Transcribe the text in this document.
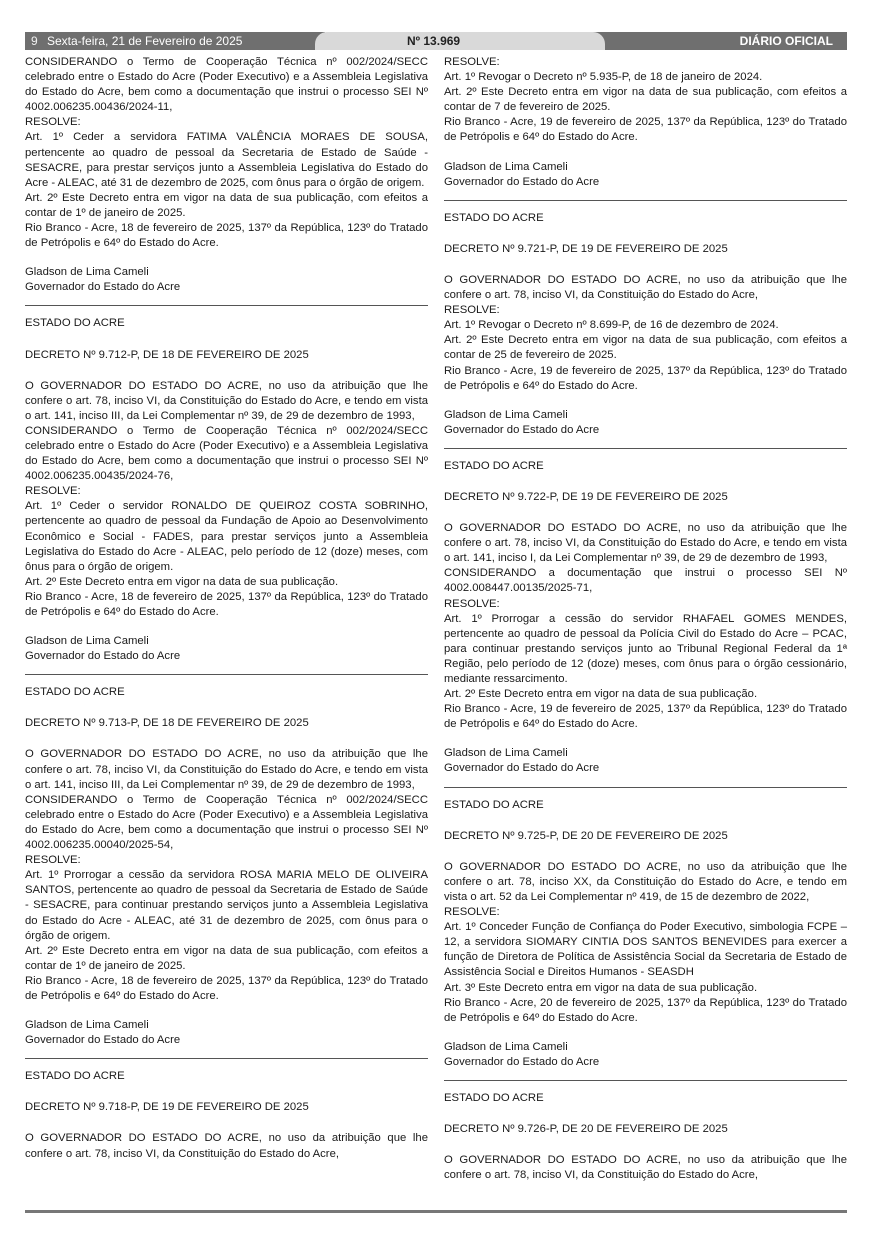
9 Sexta-feira, 21 de Fevereiro de 2025	Nº 13.969	DIÁRIO OFICIAL

CONSIDERANDO o Termo de Cooperação Técnica nº 002/2024/SECC celebrado entre o Estado do Acre (Poder Executivo) e a Assembleia Legislativa do Estado do Acre, bem como a documentação que instrui o processo SEI Nº 4002.006235.00436/2024-11,

RESOLVE:

Art. 1º Ceder a servidora FATIMA VALÊNCIA MORAES DE SOUSA, pertencente ao quadro de pessoal da Secretaria de Estado de Saúde - SESACRE, para prestar serviços junto a Assembleia Legislativa do Estado do Acre - ALEAC, até 31 de dezembro de 2025, com ônus para o órgão de origem.

Art. 2º Este Decreto entra em vigor na data de sua publicação, com efeitos a contar de 1º de janeiro de 2025.

Rio Branco - Acre, 18 de fevereiro de 2025, 137º da República, 123º do Tratado de Petrópolis e 64º do Estado do Acre.

Gladson de Lima Cameli

Governador do Estado do Acre

ESTADO DO ACRE

DECRETO Nº 9.712-P, DE 18 DE FEVEREIRO DE 2025

O GOVERNADOR DO ESTADO DO ACRE, no uso da atribuição que lhe confere o art. 78, inciso VI, da Constituição do Estado do Acre, e tendo em vista o art. 141, inciso III, da Lei Complementar nº 39, de 29 de dezembro de 1993,

CONSIDERANDO o Termo de Cooperação Técnica nº 002/2024/SECC celebrado entre o Estado do Acre (Poder Executivo) e a Assembleia Legislativa do Estado do Acre, bem como a documentação que instrui o processo SEI Nº 4002.006235.00435/2024-76,

RESOLVE:

Art. 1º Ceder o servidor RONALDO DE QUEIROZ COSTA SOBRINHO, pertencente ao quadro de pessoal da Fundação de Apoio ao Desenvolvimento Econômico e Social - FADES, para prestar serviços junto a Assembleia Legislativa do Estado do Acre - ALEAC, pelo período de 12 (doze) meses, com ônus para o órgão de origem.

Art. 2º Este Decreto entra em vigor na data de sua publicação.

Rio Branco - Acre, 18 de fevereiro de 2025, 137º da República, 123º do Tratado de Petrópolis e 64º do Estado do Acre.

Gladson de Lima Cameli

Governador do Estado do Acre

ESTADO DO ACRE

DECRETO Nº 9.713-P, DE 18 DE FEVEREIRO DE 2025

O GOVERNADOR DO ESTADO DO ACRE, no uso da atribuição que lhe confere o art. 78, inciso VI, da Constituição do Estado do Acre, e tendo em vista o art. 141, inciso III, da Lei Complementar nº 39, de 29 de dezembro de 1993,

CONSIDERANDO o Termo de Cooperação Técnica nº 002/2024/SECC celebrado entre o Estado do Acre (Poder Executivo) e a Assembleia Legislativa do Estado do Acre, bem como a documentação que instrui o processo SEI Nº 4002.006235.00040/2025-54,

RESOLVE:

Art. 1º Prorrogar a cessão da servidora ROSA MARIA MELO DE OLIVEIRA SANTOS, pertencente ao quadro de pessoal da Secretaria de Estado de Saúde - SESACRE, para continuar prestando serviços junto a Assembleia Legislativa do Estado do Acre - ALEAC, até 31 de dezembro de 2025, com ônus para o órgão de origem.

Art. 2º Este Decreto entra em vigor na data de sua publicação, com efeitos a contar de 1º de janeiro de 2025.

Rio Branco - Acre, 18 de fevereiro de 2025, 137º da República, 123º do Tratado de Petrópolis e 64º do Estado do Acre.

Gladson de Lima Cameli

Governador do Estado do Acre

ESTADO DO ACRE

DECRETO Nº 9.718-P, DE 19 DE FEVEREIRO DE 2025

O GOVERNADOR DO ESTADO DO ACRE, no uso da atribuição que lhe confere o art. 78, inciso VI, da Constituição do Estado do Acre,

RESOLVE:

Art. 1º Revogar o Decreto nº 5.935-P, de 18 de janeiro de 2024.

Art. 2º Este Decreto entra em vigor na data de sua publicação, com efeitos a contar de 7 de fevereiro de 2025.

Rio Branco - Acre, 19 de fevereiro de 2025, 137º da República, 123º do Tratado de Petrópolis e 64º do Estado do Acre.

Gladson de Lima Cameli

Governador do Estado do Acre

ESTADO DO ACRE

DECRETO Nº 9.721-P, DE 19 DE FEVEREIRO DE 2025

O GOVERNADOR DO ESTADO DO ACRE, no uso da atribuição que lhe confere o art. 78, inciso VI, da Constituição do Estado do Acre,

RESOLVE:

Art. 1º Revogar o Decreto nº 8.699-P, de 16 de dezembro de 2024.

Art. 2º Este Decreto entra em vigor na data de sua publicação, com efeitos a contar de 25 de fevereiro de 2025.

Rio Branco - Acre, 19 de fevereiro de 2025, 137º da República, 123º do Tratado de Petrópolis e 64º do Estado do Acre.

Gladson de Lima Cameli

Governador do Estado do Acre

ESTADO DO ACRE

DECRETO Nº 9.722-P, DE 19 DE FEVEREIRO DE 2025

O GOVERNADOR DO ESTADO DO ACRE, no uso da atribuição que lhe confere o art. 78, inciso VI, da Constituição do Estado do Acre, e tendo em vista o art. 141, inciso I, da Lei Complementar nº 39, de 29 de dezembro de 1993,

CONSIDERANDO a documentação que instrui o processo SEI Nº 4002.008447.00135/2025-71,

RESOLVE:

Art. 1º Prorrogar a cessão do servidor RHAFAEL GOMES MENDES, pertencente ao quadro de pessoal da Polícia Civil do Estado do Acre – PCAC, para continuar prestando serviços junto ao Tribunal Regional Federal da 1ª Região, pelo período de 12 (doze) meses, com ônus para o órgão cessionário, mediante ressarcimento.

Art. 2º Este Decreto entra em vigor na data de sua publicação.

Rio Branco - Acre, 19 de fevereiro de 2025, 137º da República, 123º do Tratado de Petrópolis e 64º do Estado do Acre.

Gladson de Lima Cameli

Governador do Estado do Acre

ESTADO DO ACRE

DECRETO Nº 9.725-P, DE 20 DE FEVEREIRO DE 2025

O GOVERNADOR DO ESTADO DO ACRE, no uso da atribuição que lhe confere o art. 78, inciso XX, da Constituição do Estado do Acre, e tendo em vista o art. 52 da Lei Complementar nº 419, de 15 de dezembro de 2022,

RESOLVE:

Art. 1º Conceder Função de Confiança do Poder Executivo, simbologia FCPE – 12, a servidora SIOMARY CINTIA DOS SANTOS BENEVIDES para exercer a função de Diretora de Política de Assistência Social da Secretaria de Estado de Assistência Social e Direitos Humanos - SEASDH

Art. 3º Este Decreto entra em vigor na data de sua publicação.

Rio Branco - Acre, 20 de fevereiro de 2025, 137º da República, 123º do Tratado de Petrópolis e 64º do Estado do Acre.

Gladson de Lima Cameli

Governador do Estado do Acre

ESTADO DO ACRE

DECRETO Nº 9.726-P, DE 20 DE FEVEREIRO DE 2025

O GOVERNADOR DO ESTADO DO ACRE, no uso da atribuição que lhe confere o art. 78, inciso VI, da Constituição do Estado do Acre,
